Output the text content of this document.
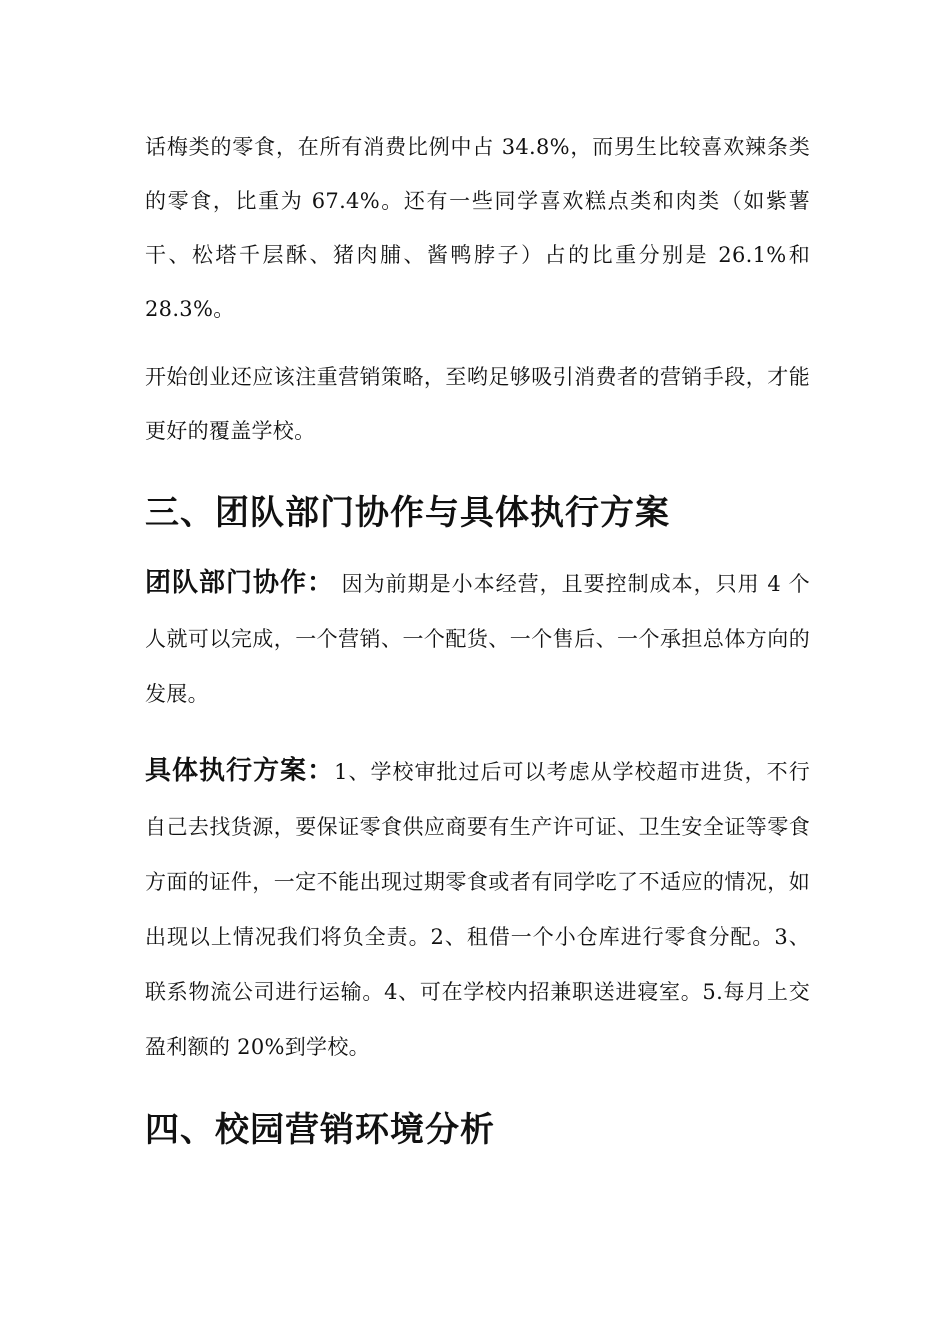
话梅类的零食，在所有消费比例中占 34.8%，而男生比较喜欢辣条类的零食，比重为 67.4%。还有一些同学喜欢糕点类和肉类（如紫薯干、松塔千层酥、猪肉脯、酱鸭脖子）占的比重分别是 26.1%和 28.3%。

开始创业还应该注重营销策略，至哟足够吸引消费者的营销手段，才能更好的覆盖学校。

三、团队部门协作与具体执行方案

团队部门协作： 因为前期是小本经营，且要控制成本，只用 4 个人就可以完成，一个营销、一个配货、一个售后、一个承担总体方向的发展。

具体执行方案：1、学校审批过后可以考虑从学校超市进货，不行自己去找货源，要保证零食供应商要有生产许可证、卫生安全证等零食方面的证件，一定不能出现过期零食或者有同学吃了不适应的情况，如出现以上情况我们将负全责。2、租借一个小仓库进行零食分配。3、联系物流公司进行运输。4、可在学校内招兼职送进寝室。5.每月上交盈利额的 20%到学校。

四、校园营销环境分析
